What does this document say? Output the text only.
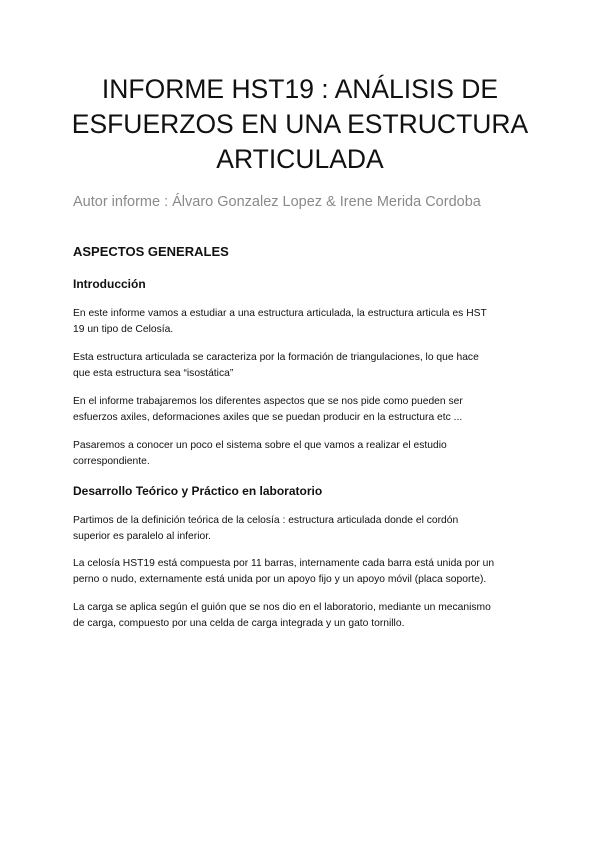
INFORME HST19 : ANÁLISIS DE
ESFUERZOS EN UNA ESTRUCTURA
ARTICULADA

Autor informe : Álvaro Gonzalez Lopez & Irene Merida Cordoba

ASPECTOS GENERALES
Introducción

En este informe vamos a estudiar a una estructura articulada, la estructura articula es HST
19 un tipo de Celosía.

Esta estructura articulada se caracteriza por la formación de triangulaciones, lo que hace
que esta estructura sea “isostática”

En el informe trabajaremos los diferentes aspectos que se nos pide como pueden ser
esfuerzos axiles, deformaciones axiles que se puedan producir en la estructura etc ...

Pasaremos a conocer un poco el sistema sobre el que vamos a realizar el estudio
correspondiente.

Desarrollo Teórico y Práctico en laboratorio

Partimos de la definición teórica de la celosía : estructura articulada donde el cordón
superior es paralelo al inferior.

La celosía HST19 está compuesta por 11 barras, internamente cada barra está unida por un
perno o nudo, externamente está unida por un apoyo fijo y un apoyo móvil (placa soporte).

La carga se aplica según el guión que se nos dio en el laboratorio, mediante un mecanismo
de carga, compuesto por una celda de carga integrada y un gato tornillo.
